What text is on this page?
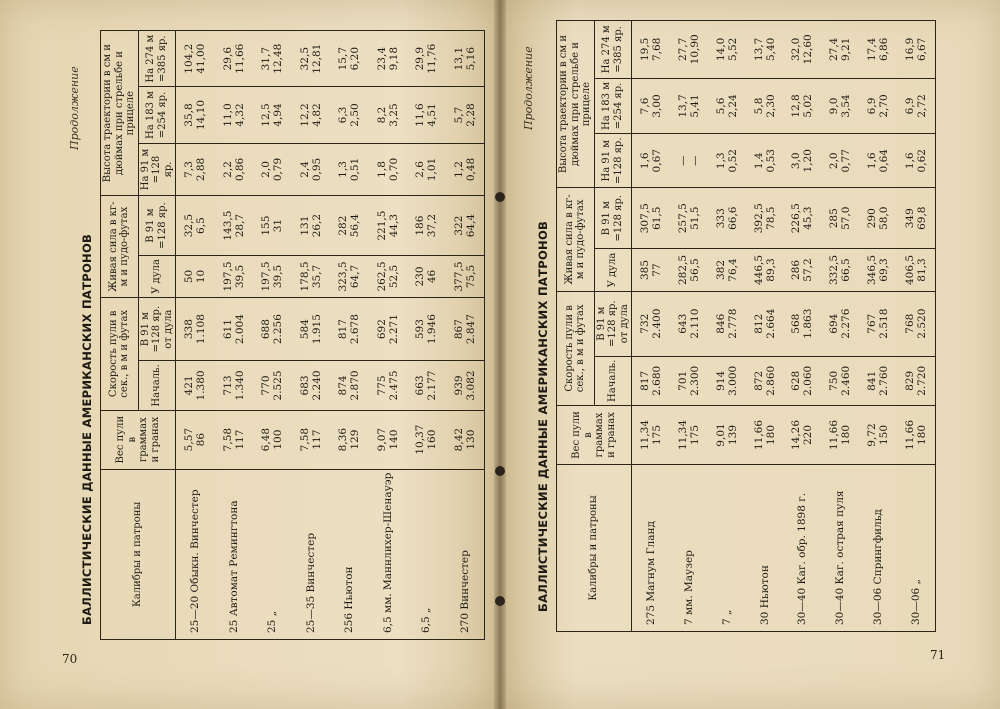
Продолжение
БАЛЛИСТИЧЕСКИЕ ДАННЫЕ АМЕРИКАНСКИХ ПАТРОНОВ	Калибры и патроны	Вес пули в граммах и гранах	Скорость пули в сек., в м и футах		Живая сила в кг-м и пудо-футах		Высота траектории в см и дюймах при стрельбе и прицеле		
		Началь.	В 91 м =128 яр. от дула	У дула	В 91 м =128 яр.	На 91 м =128 яр.	На 183 м =254 яр.	На 274 м =385 яр.
25—20 Обыкн. Винчестер	5,57 86	421 1.380	338 1.108	50 10	32,5 6,5	7,3 2,88	35,8 14,10	104,2 41,00

25 Автомат Ремингтона	7,58 117	713 1.340	611 2.004	197,5 39,5	143,5 28,7	2,2 0,86	11,0 4,32	29,6 11,66

25 „	6,48 100	770 2.525	688 2.256	197,5 39,5	155 31	2,0 0,79	12,5 4,94	31,7 12,48

25—35 Винчестер	7,58 117	683 2.240	584 1.915	178,5 35,7	131 26,2	2,4 0,95	12,2 4,82	32,5 12,81

256 Ньютон	8,36 129	874 2.870	817 2.678	323,5 64,7	282 56,4	1,3 0,51	6,3 2,50	15,7 6,20

6,5 мм. Маннлихер-Шенауэр	9,07 140	775 2.475	692 2.271	262,5 52,5	221,5 44,3	1,8 0,70	8,2 3,25	23,4 9,18

6,5 „	10,37 160	663 2.177	593 1.946	230 46	186 37,2	2,6 1,01	11,6 4,51	29,9 11,76

270 Винчестер	8,42 130	939 3.082	867 2.847	377,5 75,5	322 64,4	1,2 0,48	5,7 2,28	13,1 5,16
70
Продолжение
БАЛЛИСТИЧЕСКИЕ ДАННЫЕ АМЕРИКАНСКИХ ПАТРОНОВ	Калибры и патроны	Вес пули в граммах и гранах	Скорость пули в сек., в м и футах		Живая сила в кг-м и пудо-футах		Высота траектории в см и дюймах при стрельбе и прицеле		
		Началь.	В 91 м =128 яр. от дула	У дула	В 91 м =128 яр.	На 91 м =128 яр.	На 183 м =254 яр.	На 274 м =385 яр.
275 Магнум Гланд	11,34 175	817 2.680	732 2.400	385 77	307,5 61,5	1,6 0,67	7,6 3,00	19,5 7,68

7 мм. Маузер	11,34 175	701 2.300	643 2.110	282,5 56,5	257,5 51,5	— —	13,7 5,41	27,7 10,90

7 „	9,01 139	914 3.000	846 2.778	382 76,4	333 66,6	1,3 0,52	5,6 2,24	14,0 5,52

30 Ньютон	11,66 180	872 2.860	812 2.664	446,5 89,3	392,5 78,5	1,4 0,53	5,8 2,30	13,7 5,40

30—40 Каг. обр. 1898 г.	14,26 220	628 2.060	568 1.863	286 57,2	226,5 45,3	3,0 1,20	12,8 5,02	32,0 12,60

30—40 Каг. острая пуля	11,66 180	750 2.460	694 2.276	332,5 66,5	285 57,0	2,0 0,77	9,0 3,54	27,4 9,21

30—06 Спрингфильд	9,72 150	841 2.760	767 2.518	346,5 69,3	290 58,0	1,6 0,64	6,9 2,70	17,4 6,86

30—06 „	11,66 180	829 2.720	768 2.520	406,5 81,3	349 69,8	1,6 0,62	6,9 2,72	16,9 6,67
71
